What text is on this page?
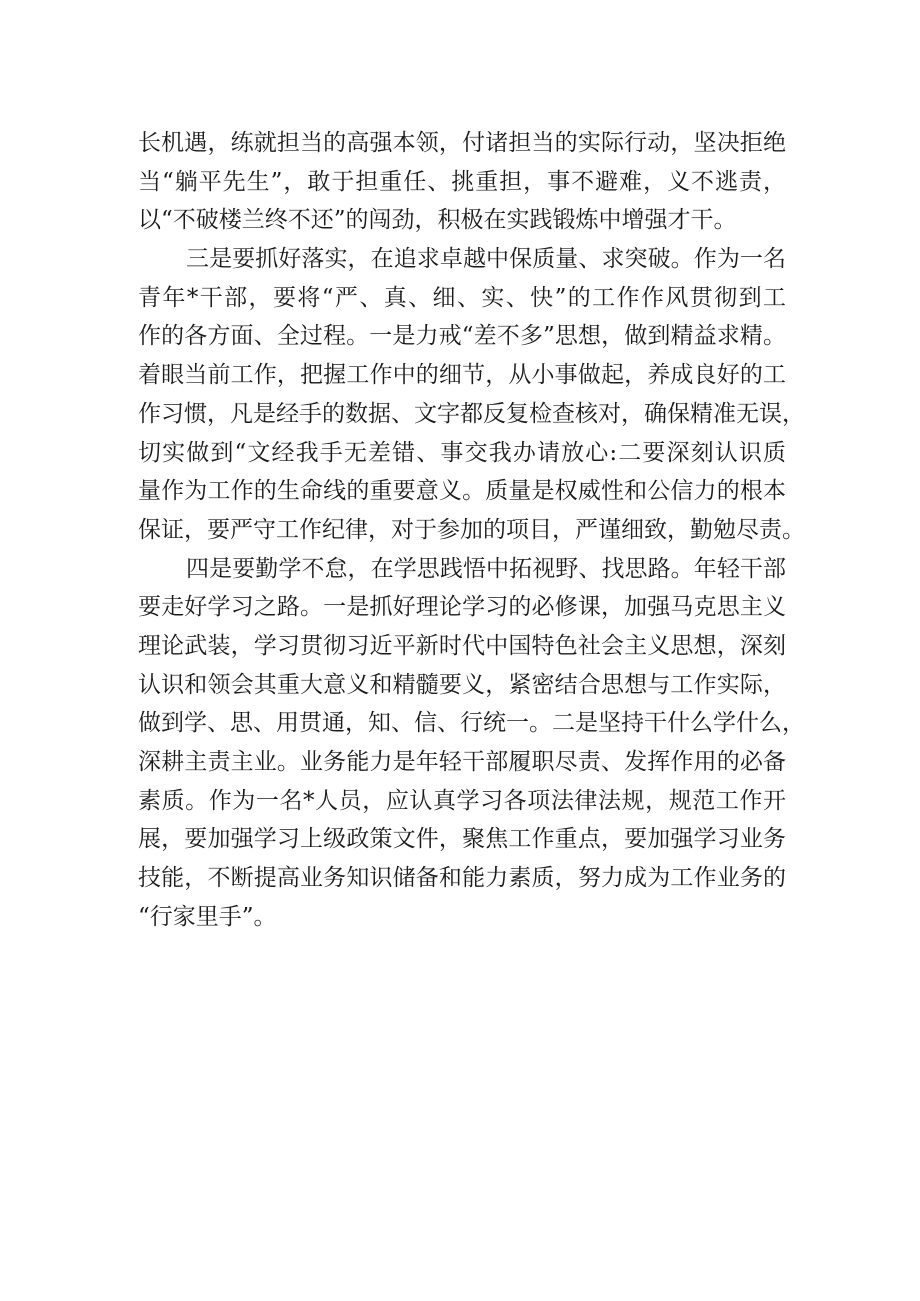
长机遇，练就担当的高强本领，付诸担当的实际行动，坚决拒绝
当“躺平先生”，敢于担重任、挑重担，事不避难，义不逃责，
以“不破楼兰终不还”的闯劲，积极在实践锻炼中增强才干。
三是要抓好落实，在追求卓越中保质量、求突破。作为一名
青年*干部，要将“严、真、细、实、快”的工作作风贯彻到工
作的各方面、全过程。一是力戒“差不多”思想，做到精益求精。
着眼当前工作，把握工作中的细节，从小事做起，养成良好的工
作习惯，凡是经手的数据、文字都反复检查核对，确保精准无误，
切实做到“文经我手无差错、事交我办请放心:二要深刻认识质
量作为工作的生命线的重要意义。质量是权威性和公信力的根本
保证，要严守工作纪律，对于参加的项目，严谨细致，勤勉尽责。
四是要勤学不怠，在学思践悟中拓视野、找思路。年轻干部
要走好学习之路。一是抓好理论学习的必修课，加强马克思主义
理论武装，学习贯彻习近平新时代中国特色社会主义思想，深刻
认识和领会其重大意义和精髓要义，紧密结合思想与工作实际，
做到学、思、用贯通，知、信、行统一。二是坚持干什么学什么，
深耕主责主业。业务能力是年轻干部履职尽责、发挥作用的必备
素质。作为一名*人员，应认真学习各项法律法规，规范工作开
展，要加强学习上级政策文件，聚焦工作重点，要加强学习业务
技能，不断提高业务知识储备和能力素质，努力成为工作业务的
“行家里手”。
